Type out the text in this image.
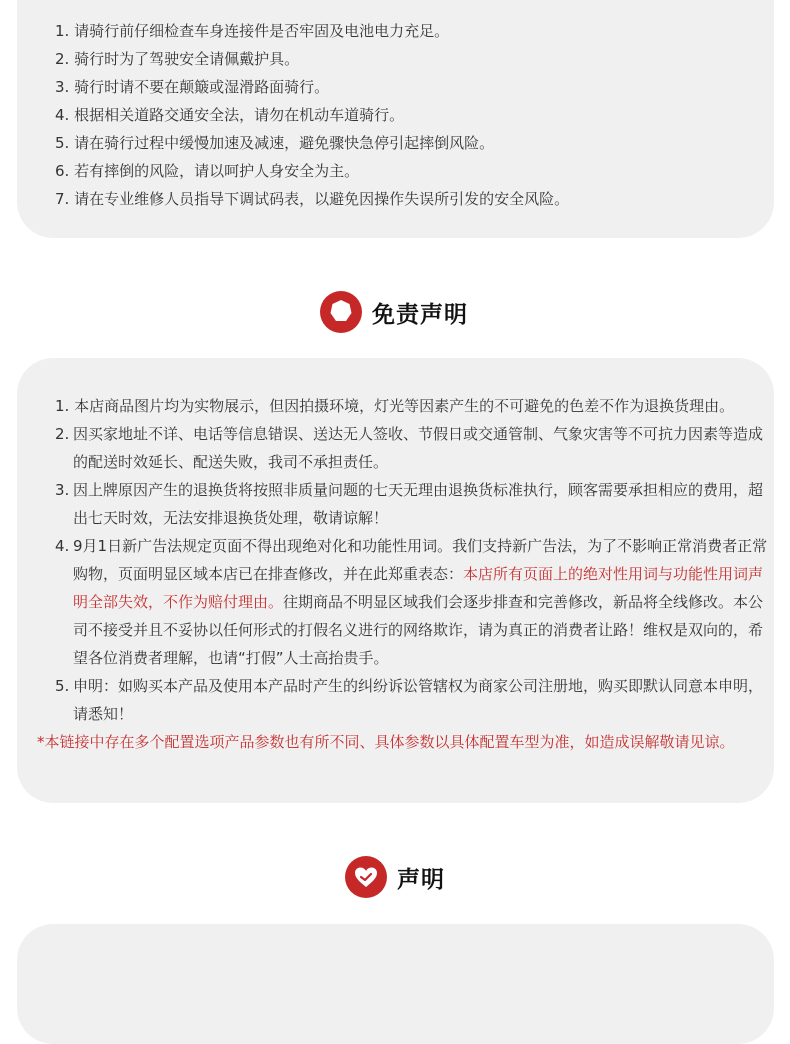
1. 请骑行前仔细检查车身连接件是否牢固及电池电力充足。
2. 骑行时为了驾驶安全请佩戴护具。
3. 骑行时请不要在颠簸或湿滑路面骑行。
4. 根据相关道路交通安全法，请勿在机动车道骑行。
5. 请在骑行过程中缓慢加速及减速，避免骤快急停引起摔倒风险。
6. 若有摔倒的风险，请以呵护人身安全为主。
7. 请在专业维修人员指导下调试码表，以避免因操作失误所引发的安全风险。
免责声明
1. 本店商品图片均为实物展示，但因拍摄环境，灯光等因素产生的不可避免的色差不作为退换货理由。
2. 因买家地址不详、电话等信息错误、送达无人签收、节假日或交通管制、气象灾害等不可抗力因素等造成的配送时效延长、配送失败，我司不承担责任。
3. 因上牌原因产生的退换货将按照非质量问题的七天无理由退换货标准执行，顾客需要承担相应的费用，超出七天时效，无法安排退换货处理，敬请谅解！
4. 9月1日新广告法规定页面不得出现绝对化和功能性用词。我们支持新广告法，为了不影响正常消费者正常购物，页面明显区域本店已在排查修改，并在此郑重表态：本店所有页面上的绝对性用词与功能性用词声明全部失效，不作为赔付理由。往期商品不明显区域我们会逐步排查和完善修改，新品将全线修改。本公司不接受并且不妥协以任何形式的打假名义进行的网络欺诈，请为真正的消费者让路！维权是双向的，希望各位消费者理解，也请“打假”人士高抬贵手。
5. 申明：如购买本产品及使用本产品时产生的纠纷诉讼管辖权为商家公司注册地，购买即默认同意本申明，请悉知！
*本链接中存在多个配置选项产品参数也有所不同、具体参数以具体配置车型为准，如造成误解敬请见谅。
声明
